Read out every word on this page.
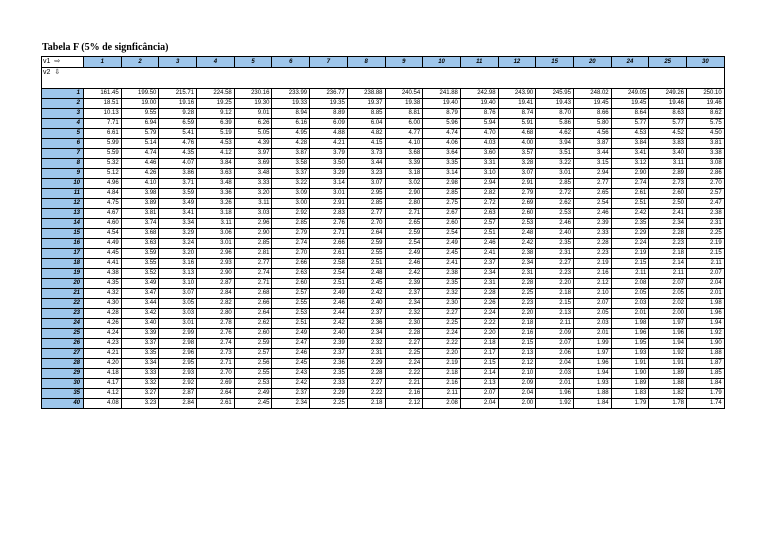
Tabela F (5% de signficância)
v1 ⇨	1	2	3	4	5	6	7	8	9	10	11	12	15	20	24	25	30
v2 ⇩																	
1	161.45	199.50	215.71	224.58	230.16	233.99	236.77	238.88	240.54	241.88	242.98	243.90	245.95	248.02	249.05	249.26	250.10
2	18.51	19.00	19.16	19.25	19.30	19.33	19.35	19.37	19.38	19.40	19.40	19.41	19.43	19.45	19.45	19.46	19.46
3	10.13	9.55	9.28	9.12	9.01	8.94	8.89	8.85	8.81	8.79	8.76	8.74	8.70	8.66	8.64	8.63	8.62
4	7.71	6.94	6.59	6.39	6.26	6.16	6.09	6.04	6.00	5.96	5.94	5.91	5.86	5.80	5.77	5.77	5.75
5	6.61	5.79	5.41	5.19	5.05	4.95	4.88	4.82	4.77	4.74	4.70	4.68	4.62	4.56	4.53	4.52	4.50
6	5.99	5.14	4.76	4.53	4.39	4.28	4.21	4.15	4.10	4.06	4.03	4.00	3.94	3.87	3.84	3.83	3.81
7	5.59	4.74	4.35	4.12	3.97	3.87	3.79	3.73	3.68	3.64	3.60	3.57	3.51	3.44	3.41	3.40	3.38
8	5.32	4.46	4.07	3.84	3.69	3.58	3.50	3.44	3.39	3.35	3.31	3.28	3.22	3.15	3.12	3.11	3.08
9	5.12	4.26	3.86	3.63	3.48	3.37	3.29	3.23	3.18	3.14	3.10	3.07	3.01	2.94	2.90	2.89	2.86
10	4.96	4.10	3.71	3.48	3.33	3.22	3.14	3.07	3.02	2.98	2.94	2.91	2.85	2.77	2.74	2.73	2.70
11	4.84	3.98	3.59	3.36	3.20	3.09	3.01	2.95	2.90	2.85	2.82	2.79	2.72	2.65	2.61	2.60	2.57
12	4.75	3.89	3.49	3.26	3.11	3.00	2.91	2.85	2.80	2.75	2.72	2.69	2.62	2.54	2.51	2.50	2.47
13	4.67	3.81	3.41	3.18	3.03	2.92	2.83	2.77	2.71	2.67	2.63	2.60	2.53	2.46	2.42	2.41	2.38
14	4.60	3.74	3.34	3.11	2.96	2.85	2.76	2.70	2.65	2.60	2.57	2.53	2.46	2.39	2.35	2.34	2.31
15	4.54	3.68	3.29	3.06	2.90	2.79	2.71	2.64	2.59	2.54	2.51	2.48	2.40	2.33	2.29	2.28	2.25
16	4.49	3.63	3.24	3.01	2.85	2.74	2.66	2.59	2.54	2.49	2.46	2.42	2.35	2.28	2.24	2.23	2.19
17	4.45	3.59	3.20	2.96	2.81	2.70	2.61	2.55	2.49	2.45	2.41	2.38	2.31	2.23	2.19	2.18	2.15
18	4.41	3.55	3.16	2.93	2.77	2.66	2.58	2.51	2.46	2.41	2.37	2.34	2.27	2.19	2.15	2.14	2.11
19	4.38	3.52	3.13	2.90	2.74	2.63	2.54	2.48	2.42	2.38	2.34	2.31	2.23	2.16	2.11	2.11	2.07
20	4.35	3.49	3.10	2.87	2.71	2.60	2.51	2.45	2.39	2.35	2.31	2.28	2.20	2.12	2.08	2.07	2.04
21	4.32	3.47	3.07	2.84	2.68	2.57	2.49	2.42	2.37	2.32	2.28	2.25	2.18	2.10	2.05	2.05	2.01
22	4.30	3.44	3.05	2.82	2.66	2.55	2.46	2.40	2.34	2.30	2.26	2.23	2.15	2.07	2.03	2.02	1.98
23	4.28	3.42	3.03	2.80	2.64	2.53	2.44	2.37	2.32	2.27	2.24	2.20	2.13	2.05	2.01	2.00	1.96
24	4.26	3.40	3.01	2.78	2.62	2.51	2.42	2.36	2.30	2.25	2.22	2.18	2.11	2.03	1.98	1.97	1.94
25	4.24	3.39	2.99	2.76	2.60	2.49	2.40	2.34	2.28	2.24	2.20	2.16	2.09	2.01	1.96	1.96	1.92
26	4.23	3.37	2.98	2.74	2.59	2.47	2.39	2.32	2.27	2.22	2.18	2.15	2.07	1.99	1.95	1.94	1.90
27	4.21	3.35	2.96	2.73	2.57	2.46	2.37	2.31	2.25	2.20	2.17	2.13	2.06	1.97	1.93	1.92	1.88
28	4.20	3.34	2.95	2.71	2.56	2.45	2.36	2.29	2.24	2.19	2.15	2.12	2.04	1.96	1.91	1.91	1.87
29	4.18	3.33	2.93	2.70	2.55	2.43	2.35	2.28	2.22	2.18	2.14	2.10	2.03	1.94	1.90	1.89	1.85
30	4.17	3.32	2.92	2.69	2.53	2.42	2.33	2.27	2.21	2.16	2.13	2.09	2.01	1.93	1.89	1.88	1.84
35	4.12	3.27	2.87	2.64	2.49	2.37	2.29	2.22	2.16	2.11	2.07	2.04	1.96	1.88	1.83	1.82	1.79
40	4.08	3.23	2.84	2.61	2.45	2.34	2.25	2.18	2.12	2.08	2.04	2.00	1.92	1.84	1.79	1.78	1.74
